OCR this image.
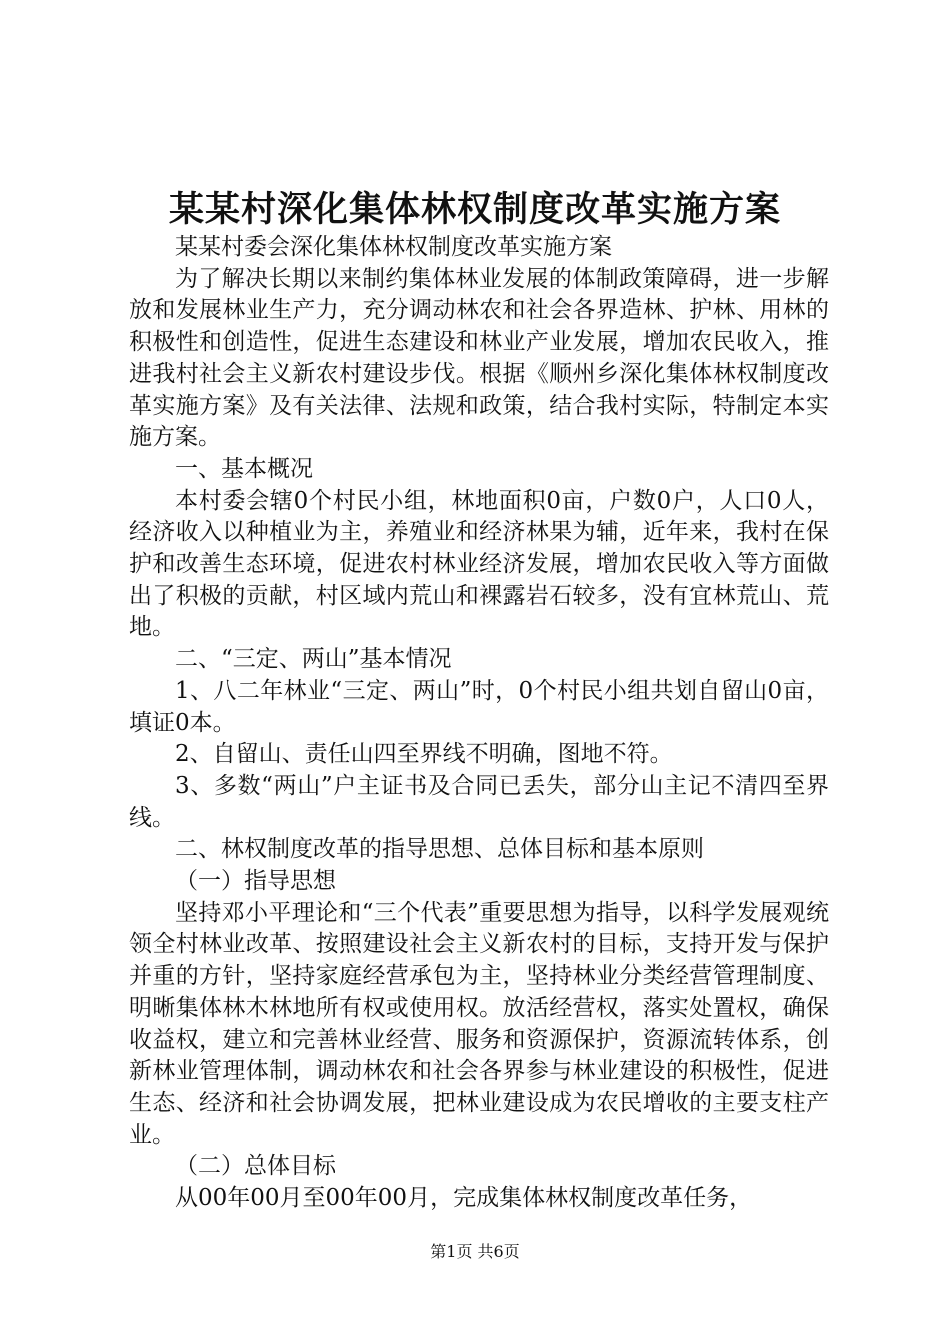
某某村深化集体林权制度改革实施方案

某某村委会深化集体林权制度改革实施方案

为了解决长期以来制约集体林业发展的体制政策障碍，进一步解放和发展林业生产力，充分调动林农和社会各界造林、护林、用林的积极性和创造性，促进生态建设和林业产业发展，增加农民收入，推进我村社会主义新农村建设步伐。根据《顺州乡深化集体林权制度改革实施方案》及有关法律、法规和政策，结合我村实际，特制定本实施方案。

一、基本概况

本村委会辖0个村民小组，林地面积0亩，户数0户，人口0人，经济收入以种植业为主，养殖业和经济林果为辅，近年来，我村在保护和改善生态环境，促进农村林业经济发展，增加农民收入等方面做出了积极的贡献，村区域内荒山和裸露岩石较多，没有宜林荒山、荒地。

二、“三定、两山”基本情况

1、八二年林业“三定、两山”时，0个村民小组共划自留山0亩，填证0本。

2、自留山、责任山四至界线不明确，图地不符。

3、多数“两山”户主证书及合同已丢失，部分山主记不清四至界线。

二、林权制度改革的指导思想、总体目标和基本原则

（一）指导思想

坚持邓小平理论和“三个代表”重要思想为指导，以科学发展观统领全村林业改革、按照建设社会主义新农村的目标，支持开发与保护并重的方针，坚持家庭经营承包为主，坚持林业分类经营管理制度、明晰集体林木林地所有权或使用权。放活经营权，落实处置权，确保收益权，建立和完善林业经营、服务和资源保护，资源流转体系，创新林业管理体制，调动林农和社会各界参与林业建设的积极性，促进生态、经济和社会协调发展，把林业建设成为农民增收的主要支柱产业。

（二）总体目标

从00年00月至00年00月，完成集体林权制度改革任务，

第1页 共6页
